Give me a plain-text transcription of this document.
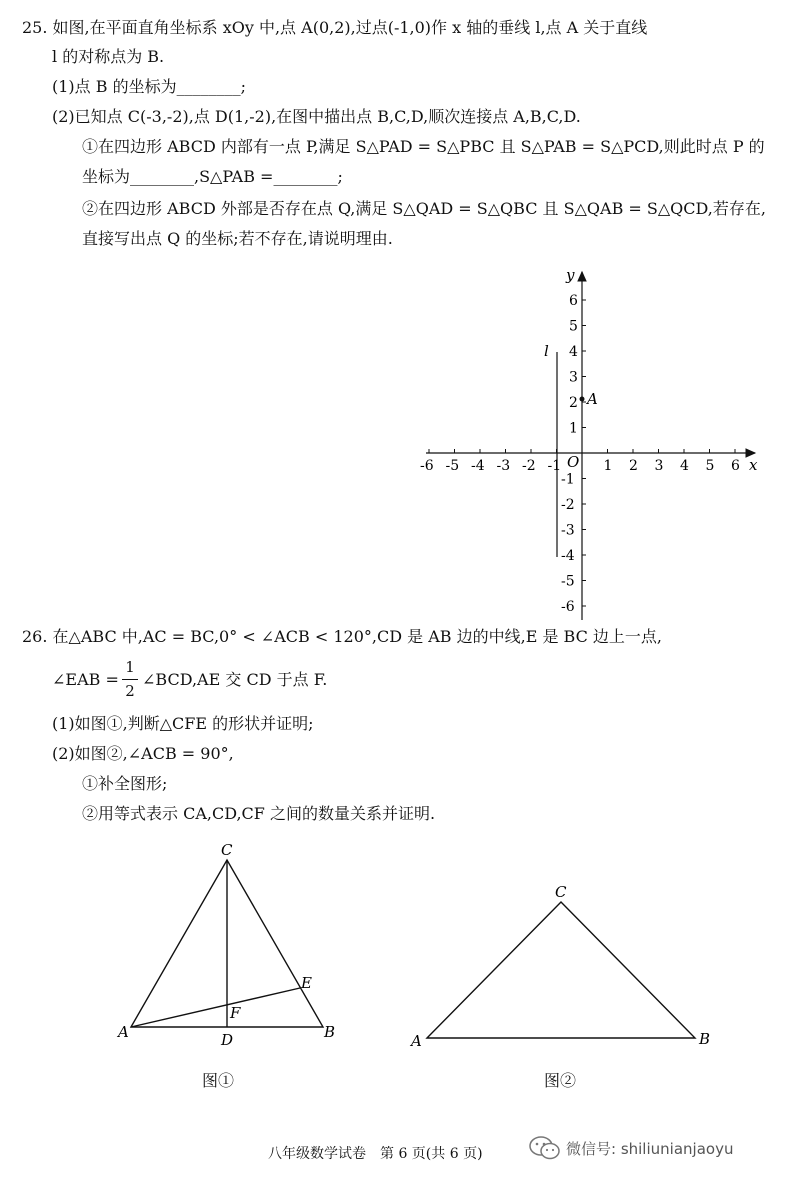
25. 如图,在平面直角坐标系 xOy 中,点 A(0,2),过点(-1,0)作 x 轴的垂线 l,点 A 关于直线
l 的对称点为 B.
(1)点 B 的坐标为________;
(2)已知点 C(-3,-2),点 D(1,-2),在图中描出点 B,C,D,顺次连接点 A,B,C,D.
①在四边形 ABCD 内部有一点 P,满足 S△PAD = S△PBC 且 S△PAB = S△PCD,则此时点 P 的
坐标为________,S△PAB =________;
②在四边形 ABCD 外部是否存在点 Q,满足 S△QAD = S△QBC 且 S△QAB = S△QCD,若存在,
直接写出点 Q 的坐标;若不存在,请说明理由.
-6 -5 -4 -3 -2 -1	1 2 3 4 5 6
6
5
4
3
2
1
-1
-2
-3
-4
-5
-6
x
y
O
l
A
26. 在△ABC 中,AC = BC,0° < ∠ACB < 120°,CD 是 AB 边的中线,E 是 BC 边上一点,
∠EAB =
1
2
∠BCD,AE 交 CD 于点 F.
(1)如图①,判断△CFE 的形状并证明;
(2)如图②,∠ACB = 90°,
①补全图形;
②用等式表示 CA,CD,CF 之间的数量关系并证明.
C
A	B
D
E
F
图①
C
A	B
图②
八年级数学试卷　第 6 页(共 6 页)	微信号: shiliunianjaoyu
